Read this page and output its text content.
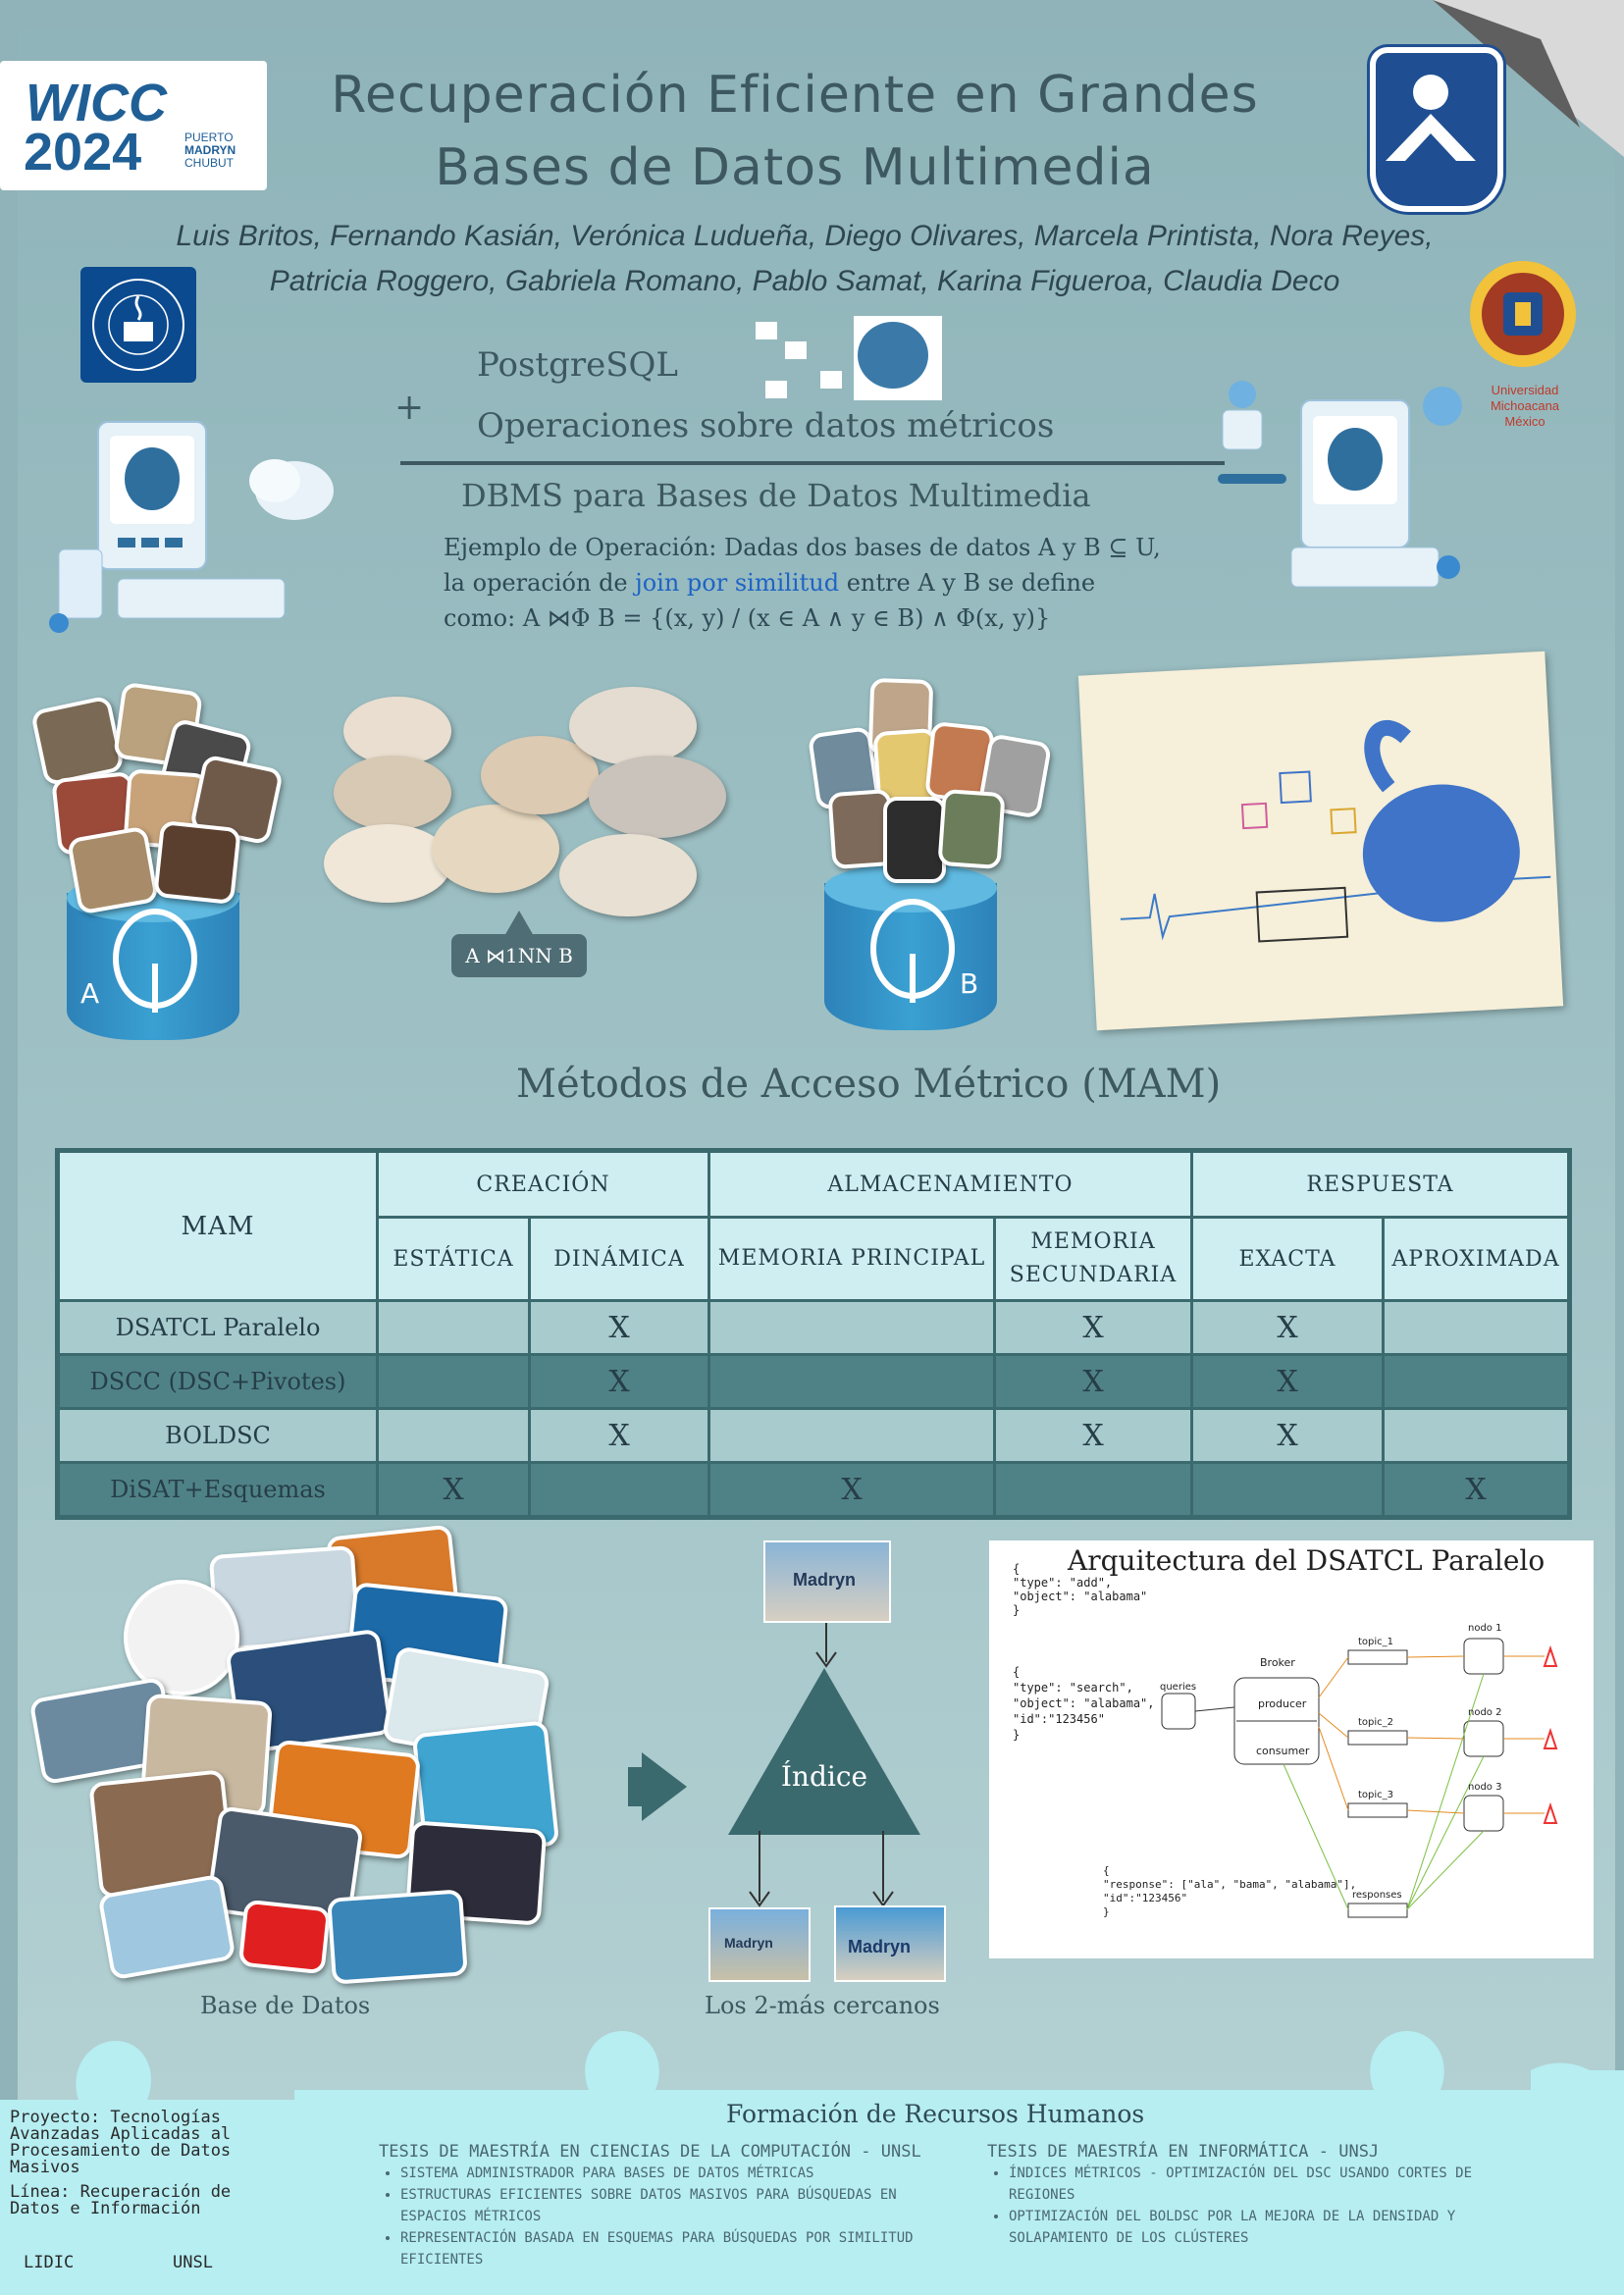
WICC
2024	PUERTO
MADRYN
CHUBUT
Recuperación Eficiente en Grandes
Bases de Datos Multimedia
Luis Britos, Fernando Kasián, Verónica Ludueña, Diego Olivares, Marcela Printista, Nora Reyes,
Patricia Roggero, Gabriela Romano, Pablo Samat, Karina Figueroa, Claudia Deco
Universidad
Michoacana
México
PostgreSQL
+ Operaciones sobre datos métricos
DBMS para Bases de Datos Multimedia
Ejemplo de Operación: Dadas dos bases de datos A y B ⊆ U,
la operación de join por similitud entre A y B se define
como: A ⋈Φ B = {(x, y) / (x ∈ A ∧ y ∈ B) ∧ Φ(x, y)}
A
A ⋈1NN B
B
Métodos de Acceso Métrico (MAM)
MAM	CREACIÓN		ALMACENAMIENTO		RESPUESTA	
	ESTÁTICA	DINÁMICA	MEMORIA PRINCIPAL	MEMORIA SECUNDARIA	EXACTA	APROXIMADA
DSATCL Paralelo		X		X	X	
DSCC (DSC+Pivotes)		X		X	X	
BOLDSC		X		X	X	
DiSAT+Esquemas	X		X			X
Base de Datos
Madryn
Índice
Madryn	Madryn
Los 2-más cercanos
Arquitectura del DSATCL Paralelo
{
"type": "add",
"object": "alabama"
}
{
"type": "search",
"object": "alabama",
"id":"123456"
}
{
"response": ["ala", "bama", "alabama"],
"id":"123456"
}
queries
Broker
producer
consumer
topic_1
topic_2
topic_3
nodo 1
nodo 2
nodo 3
responses
Proyecto: Tecnologías Avanzadas Aplicadas al Procesamiento de Datos Masivos
Línea: Recuperación de Datos e Información
LIDIC	UNSL
Formación de Recursos Humanos
TESIS DE MAESTRÍA EN CIENCIAS DE LA COMPUTACIÓN - UNSL
• SISTEMA ADMINISTRADOR PARA BASES DE DATOS MÉTRICAS
• ESTRUCTURAS EFICIENTES SOBRE DATOS MASIVOS PARA BÚSQUEDAS EN ESPACIOS MÉTRICOS
• REPRESENTACIÓN BASADA EN ESQUEMAS PARA BÚSQUEDAS POR SIMILITUD EFICIENTES
TESIS DE MAESTRÍA EN INFORMÁTICA - UNSJ
• ÍNDICES MÉTRICOS - OPTIMIZACIÓN DEL DSC USANDO CORTES DE REGIONES
• OPTIMIZACIÓN DEL BOLDSC POR LA MEJORA DE LA DENSIDAD Y SOLAPAMIENTO DE LOS CLÚSTERES
